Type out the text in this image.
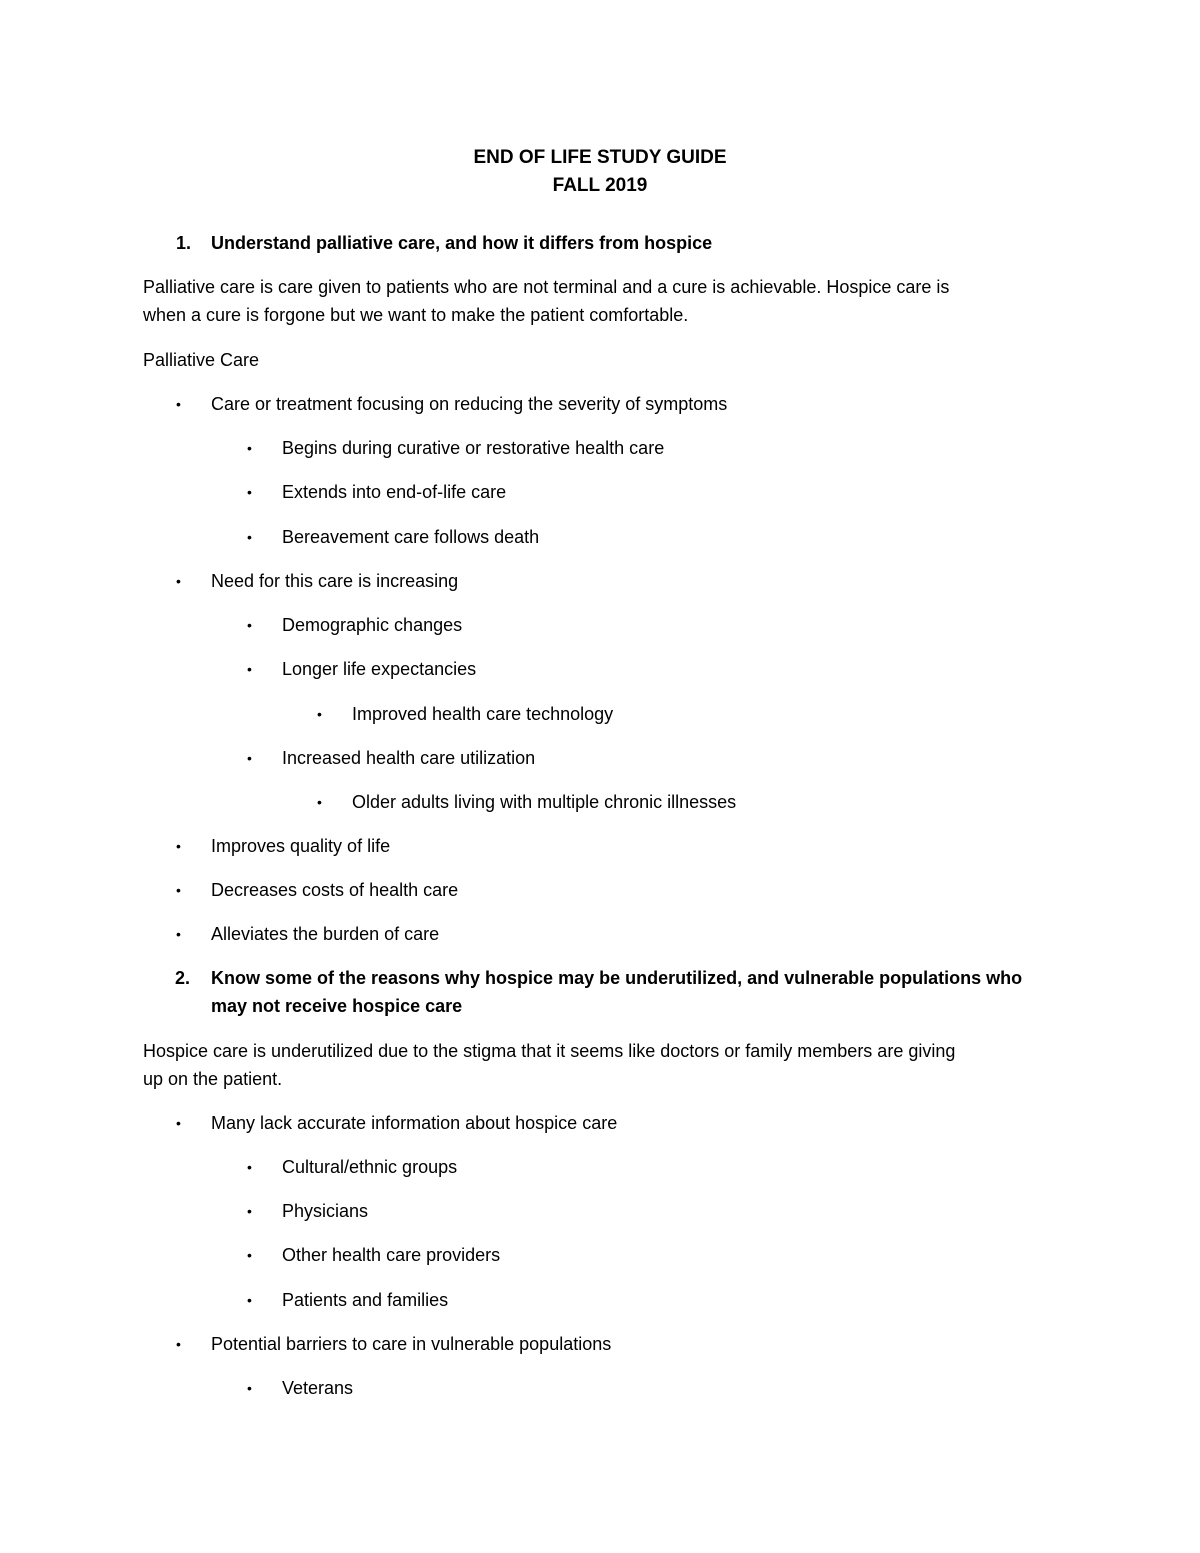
END OF LIFE STUDY GUIDE
FALL 2019
1.	Understand palliative care, and how it differs from hospice
Palliative care is care given to patients who are not terminal and a cure is achievable. Hospice care is
when a cure is forgone but we want to make the patient comfortable.
Palliative Care
• Care or treatment focusing on reducing the severity of symptoms
• Begins during curative or restorative health care
• Extends into end-of-life care
• Bereavement care follows death
• Need for this care is increasing
• Demographic changes
• Longer life expectancies
• Improved health care technology
• Increased health care utilization
• Older adults living with multiple chronic illnesses
• Improves quality of life
• Decreases costs of health care
• Alleviates the burden of care
2.	Know some of the reasons why hospice may be underutilized, and vulnerable populations who
may not receive hospice care
Hospice care is underutilized due to the stigma that it seems like doctors or family members are giving
up on the patient.
• Many lack accurate information about hospice care
• Cultural/ethnic groups
• Physicians
• Other health care providers
• Patients and families
• Potential barriers to care in vulnerable populations
• Veterans
